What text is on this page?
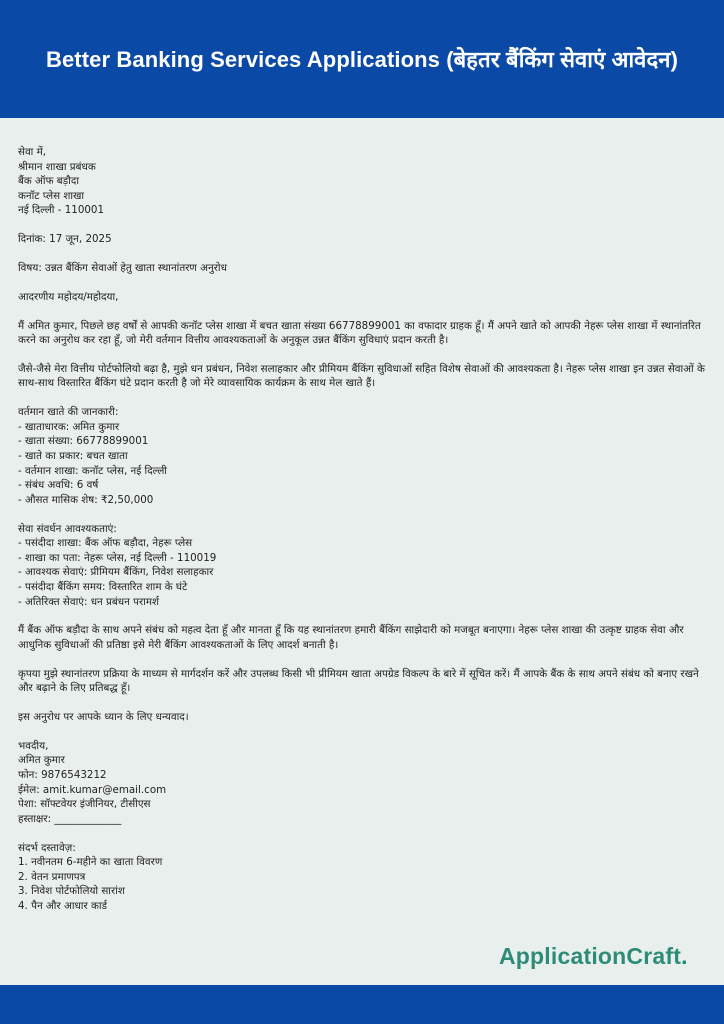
Better Banking Services Applications (बेहतर बैंकिंग सेवाएं आवेदन)
सेवा में,
श्रीमान शाखा प्रबंधक
बैंक ऑफ बड़ौदा
कनॉट प्लेस शाखा
नई दिल्ली - 110001
दिनांक: 17 जून, 2025
विषय: उन्नत बैंकिंग सेवाओं हेतु खाता स्थानांतरण अनुरोध
आदरणीय महोदय/महोदया,

मैं अमित कुमार, पिछले छह वर्षों से आपकी कनॉट प्लेस शाखा में बचत खाता संख्या 66778899001 का वफादार ग्राहक हूँ। मैं अपने खाते को आपकी नेहरू प्लेस शाखा में स्थानांतरित करने का अनुरोध कर रहा हूँ, जो मेरी वर्तमान वित्तीय आवश्यकताओं के अनुकूल उन्नत बैंकिंग सुविधाएं प्रदान करती है।

जैसे-जैसे मेरा वित्तीय पोर्टफोलियो बढ़ा है, मुझे धन प्रबंधन, निवेश सलाहकार और प्रीमियम बैंकिंग सुविधाओं सहित विशेष सेवाओं की आवश्यकता है। नेहरू प्लेस शाखा इन उन्नत सेवाओं के साथ-साथ विस्तारित बैंकिंग घंटे प्रदान करती है जो मेरे व्यावसायिक कार्यक्रम के साथ मेल खाते हैं।

वर्तमान खाते की जानकारी:
- खाताधारक: अमित कुमार
- खाता संख्या: 66778899001
- खाते का प्रकार: बचत खाता
- वर्तमान शाखा: कनॉट प्लेस, नई दिल्ली
- संबंध अवधि: 6 वर्ष
- औसत मासिक शेष: ₹2,50,000
सेवा संवर्धन आवश्यकताएं:
- पसंदीदा शाखा: बैंक ऑफ बड़ौदा, नेहरू प्लेस
- शाखा का पता: नेहरू प्लेस, नई दिल्ली - 110019
- आवश्यक सेवाएं: प्रीमियम बैंकिंग, निवेश सलाहकार
- पसंदीदा बैंकिंग समय: विस्तारित शाम के घंटे
- अतिरिक्त सेवाएं: धन प्रबंधन परामर्श

मैं बैंक ऑफ बड़ौदा के साथ अपने संबंध को महत्व देता हूँ और मानता हूँ कि यह स्थानांतरण हमारी बैंकिंग साझेदारी को मजबूत बनाएगा। नेहरू प्लेस शाखा की उत्कृष्ट ग्राहक सेवा और आधुनिक सुविधाओं की प्रतिष्ठा इसे मेरी बैंकिंग आवश्यकताओं के लिए आदर्श बनाती है।

कृपया मुझे स्थानांतरण प्रक्रिया के माध्यम से मार्गदर्शन करें और उपलब्ध किसी भी प्रीमियम खाता अपग्रेड विकल्प के बारे में सूचित करें। मैं आपके बैंक के साथ अपने संबंध को बनाए रखने और बढ़ाने के लिए प्रतिबद्ध हूँ।

इस अनुरोध पर आपके ध्यान के लिए धन्यवाद।
भवदीय,
अमित कुमार
फोन: 9876543212
ईमेल: amit.kumar@email.com
पेशा: सॉफ्टवेयर इंजीनियर, टीसीएस
हस्ताक्षर: _____________
संदर्भ दस्तावेज़:
1. नवीनतम 6-महीने का खाता विवरण
2. वेतन प्रमाणपत्र
3. निवेश पोर्टफोलियो सारांश
4. पैन और आधार कार्ड
ApplicationCraft.
